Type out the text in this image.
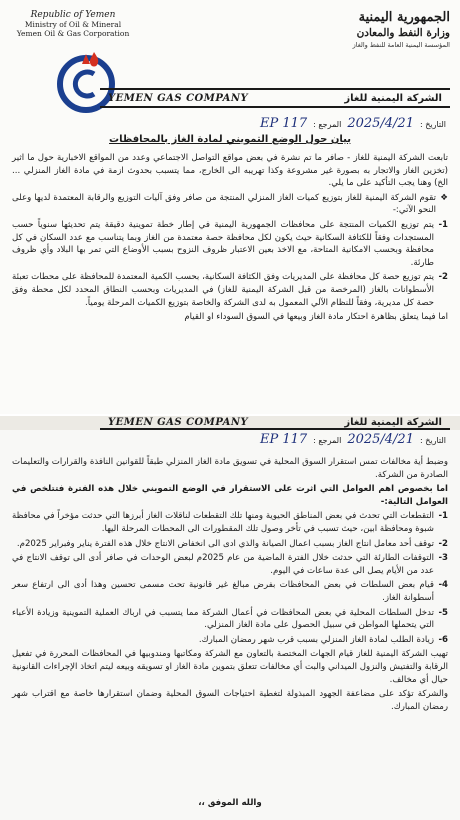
Republic of Yemen
Ministry of Oil & Mineral
Yemen Oil & Gas Corporation
الجمهورية اليمنية
وزارة النفط والمعادن
المؤسسة اليمنية العامة للنفط والغاز
YEMEN GAS COMPANY	الشركة اليمنية للغاز
التاريخ :
2025/4/21
المرجع :
117 EP
بيان حول الوضع التمويني لمادة الغاز بالمحافظات

تابعت الشركة اليمنية للغاز - صافر ما تم نشرة في بعض مواقع التواصل الاجتماعي وعدد من المواقع الاخبارية حول ما اثير (تخزين الغاز والاتجار به بصورة غير مشروعة وكذا تهريبه الى الخارج، مما يتسبب بحدوث ازمة في مادة الغاز المنزلي ... الخ) وهنا يجب التأكيد على ما يلي.

❖
تقوم الشركة اليمنية للغاز بتوزيع كميات الغاز المنزلي المنتجة من صافر وفق آليات التوزيع والرقابة المعتمدة لديها وعلى النحو الآتي:-

1-
يتم توزيع الكميات المنتجة على محافظات الجمهورية اليمنية في إطار خطة تموينية دقيقة يتم تحديثها سنوياً حسب المستجدات وفقاً للكثافة السكانية حيث يكون لكل محافظة حصة معتمدة من الغاز وبما يتناسب مع عدد السكان في كل محافظة وبحسب الامكانية المتاحة، مع الاخذ بعين الاعتبار ظروف النزوح بسبب الأوضاع التي تمر بها البلاد وأي ظروف طارئة.

2-
يتم توزيع حصة كل محافظة على المديريات وفق الكثافة السكانية، بحسب الكمية المعتمدة للمحافظة على محطات تعبئة الأسطوانات بالغاز (المرخصة من قبل الشركة اليمنية للغاز) في المديريات وبحسب النطاق المحدد لكل محطة وفق حصة كل مديرية، وفقاً للنظام الآلي المعمول به لدى الشركة والخاصة بتوزيع الكميات المرحلة يومياً.

اما فيما يتعلق بظاهرة احتكار مادة الغاز وبيعها في السوق السوداء او القيام

YEMEN GAS COMPANY	الشركة اليمنية للغاز
التاريخ :
2025/4/21
المرجع :
117 EP

وضبط أية مخالفات تمس استقرار السوق المحلية في تسويق مادة الغاز المنزلي طبقاً للقوانين النافذة والقرارات والتعليمات الصادرة من الشركة.

اما بخصوص اهم العوامل التي اثرت على الاستقرار في الوضع التمويني خلال هذه الفترة فتتلخص في العوامل التالية:-

1-
التقطعات التي تحدث في بعض المناطق الحيوية ومنها تلك التقطعات لناقلات الغاز أبرزها التي حدثت مؤخراً في محافظة شبوة ومحافظة ابين، حيث تسبب في تأخر وصول تلك المقطورات الى المحطات المرحلة اليها.

2-
توقف أحد معامل انتاج الغاز بسبب اعمال الصيانة والذي ادى الى انخفاض الانتاج خلال هذه الفترة يناير وفبراير 2025م.

3-
التوقفات الطارئة التي حدثت خلال الفترة الماضية من عام 2025م لبعض الوحدات في صافر أدى الى توقف الانتاج في عدد من الأيام يصل الى عدة ساعات في اليوم.

4-
قيام بعض السلطات في بعض المحافظات بفرض مبالغ غير قانونية تحت مسمى تحسين وهذا أدى الى ارتفاع سعر أسطوانة الغاز.

5-
تدخل السلطات المحلية في بعض المحافظات في أعمال الشركة مما يتسبب في ارباك العملية التموينية وزيادة الأعباء التي يتحملها المواطن في سبيل الحصول على مادة الغاز المنزلي.

6-
زيادة الطلب لمادة الغاز المنزلي بسبب قرب شهر رمضان المبارك.

تهيب الشركة اليمنية للغاز قيام الجهات المختصة بالتعاون مع الشركة ومكاتبها ومندوبيها في المحافظات المحررة في تفعيل الرقابة والتفتيش والنزول الميداني والبت أي مخالفات تتعلق بتموين مادة الغاز او تسويقه وبيعه ليتم اتخاذ الإجراءات القانونية حيال أي مخالف.

والشركة تؤكد على مضاعفة الجهود المبذولة لتغطية احتياجات السوق المحلية وضمان استقرارها خاصة مع اقتراب شهر رمضان المبارك.

والله الموفق ،،
